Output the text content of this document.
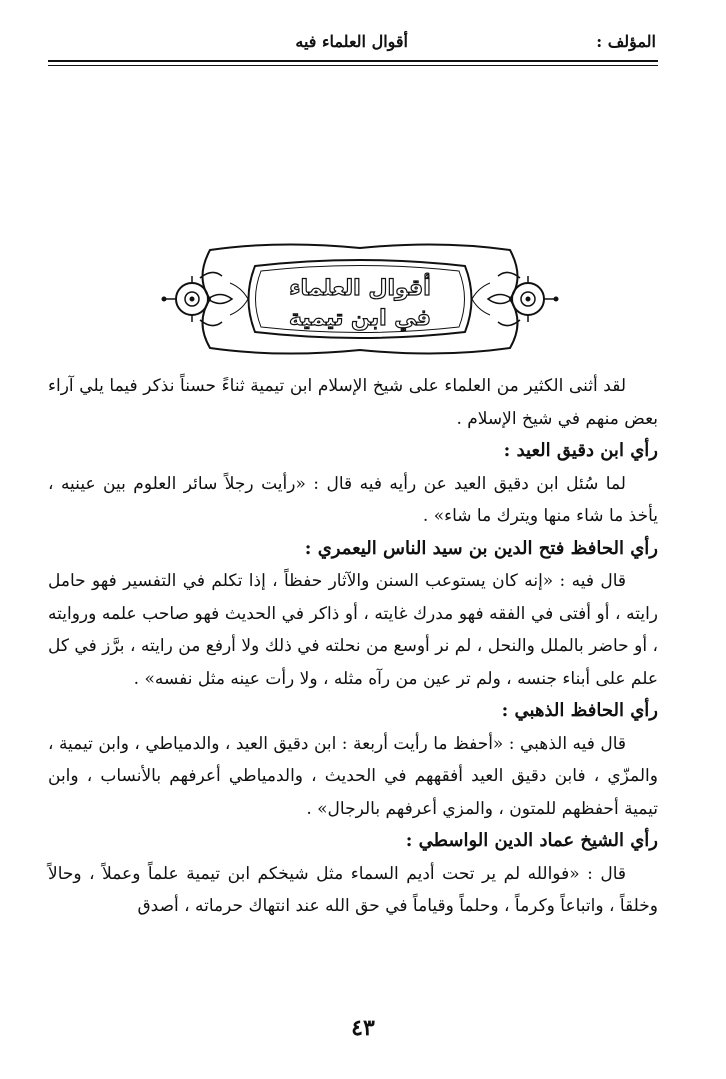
المؤلف :
أقوال العلماء فيه
أقوال العلماء
في ابن تيمية

لقد أثنى الكثير من العلماء على شيخ الإسلام ابن تيمية ثناءً حسناً نذكر فيما يلي آراء بعض منهم في شيخ الإسلام .

رأي ابن دقيق العيد :

لما سُئل ابن دقيق العيد عن رأيه فيه قال : «رأيت رجلاً سائر العلوم بين عينيه ، يأخذ ما شاء منها ويترك ما شاء» .

رأي الحافظ فتح الدين بن سيد الناس اليعمري :

قال فيه : «إنه كان يستوعب السنن والآثار حفظاً ، إذا تكلم في التفسير فهو حامل رايته ، أو أفتى في الفقه فهو مدرك غايته ، أو ذاكر في الحديث فهو صاحب علمه وروايته ، أو حاضر بالملل والنحل ، لم نر أوسع من نحلته في ذلك ولا أرفع من رايته ، برَّز في كل علم على أبناء جنسه ، ولم تر عين من رآه مثله ، ولا رأت عينه مثل نفسه» .

رأي الحافظ الذهبي :

قال فيه الذهبي : «أحفظ ما رأيت أربعة : ابن دقيق العيد ، والدمياطي ، وابن تيمية ، والمزّي ، فابن دقيق العيد أفقههم في الحديث ، والدمياطي أعرفهم بالأنساب ، وابن تيمية أحفظهم للمتون ، والمزي أعرفهم بالرجال» .

رأي الشيخ عماد الدين الواسطي :

قال : «فوالله لم ير تحت أديم السماء مثل شيخكم ابن تيمية علماً وعملاً ، وحالاً وخلقاً ، واتباعاً وكرماً ، وحلماً وقياماً في حق الله عند انتهاك حرماته ، أصدق

٤٣
